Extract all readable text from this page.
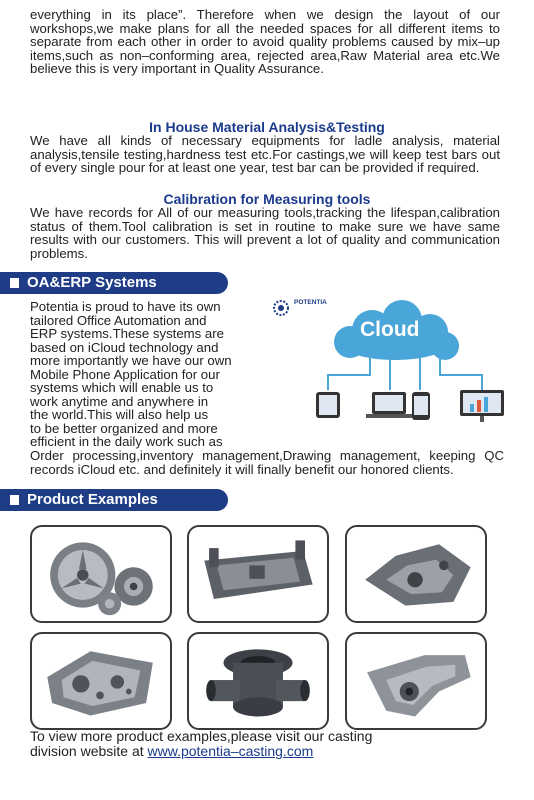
everything in its place”. Therefore when we design the layout of our workshops,we make plans for all the needed spaces for all different items to separate from each other in order to avoid quality problems caused by mix–up items,such as non–conforming area, rejected area,Raw Material area etc.We believe this is very important in Quality Assurance.

In House Material Analysis&Testing

We have all kinds of necessary equipments for ladle analysis, material analysis,tensile testing,hardness test etc.For castings,we will keep test bars out of every single pour for at least one year, test bar can be provided if required.

Calibration for Measuring tools

We have records for All of our measuring tools,tracking the lifespan,calibration status of them.Tool calibration is set in routine to make sure we have same results with our customers. This will prevent a lot of quality and communication problems.

OA&ERP Systems
Potentia is proud to have its own
tailored Office Automation and
ERP systems.These systems are
based on iCloud technology and
more importantly we have our own
Mobile Phone Application for our
systems which will enable us to
work anytime and anywhere in
the world.This will also help us
to be better organized and more
efficient in the daily work such as

Order processing,inventory management,Drawing management, keeping QC records iCloud etc. and definitely it will finally benefit our honored clients.

POTENTIA
Cloud
Product Examples
To view more product examples,please visit our casting
division website at www.potentia–casting.com
